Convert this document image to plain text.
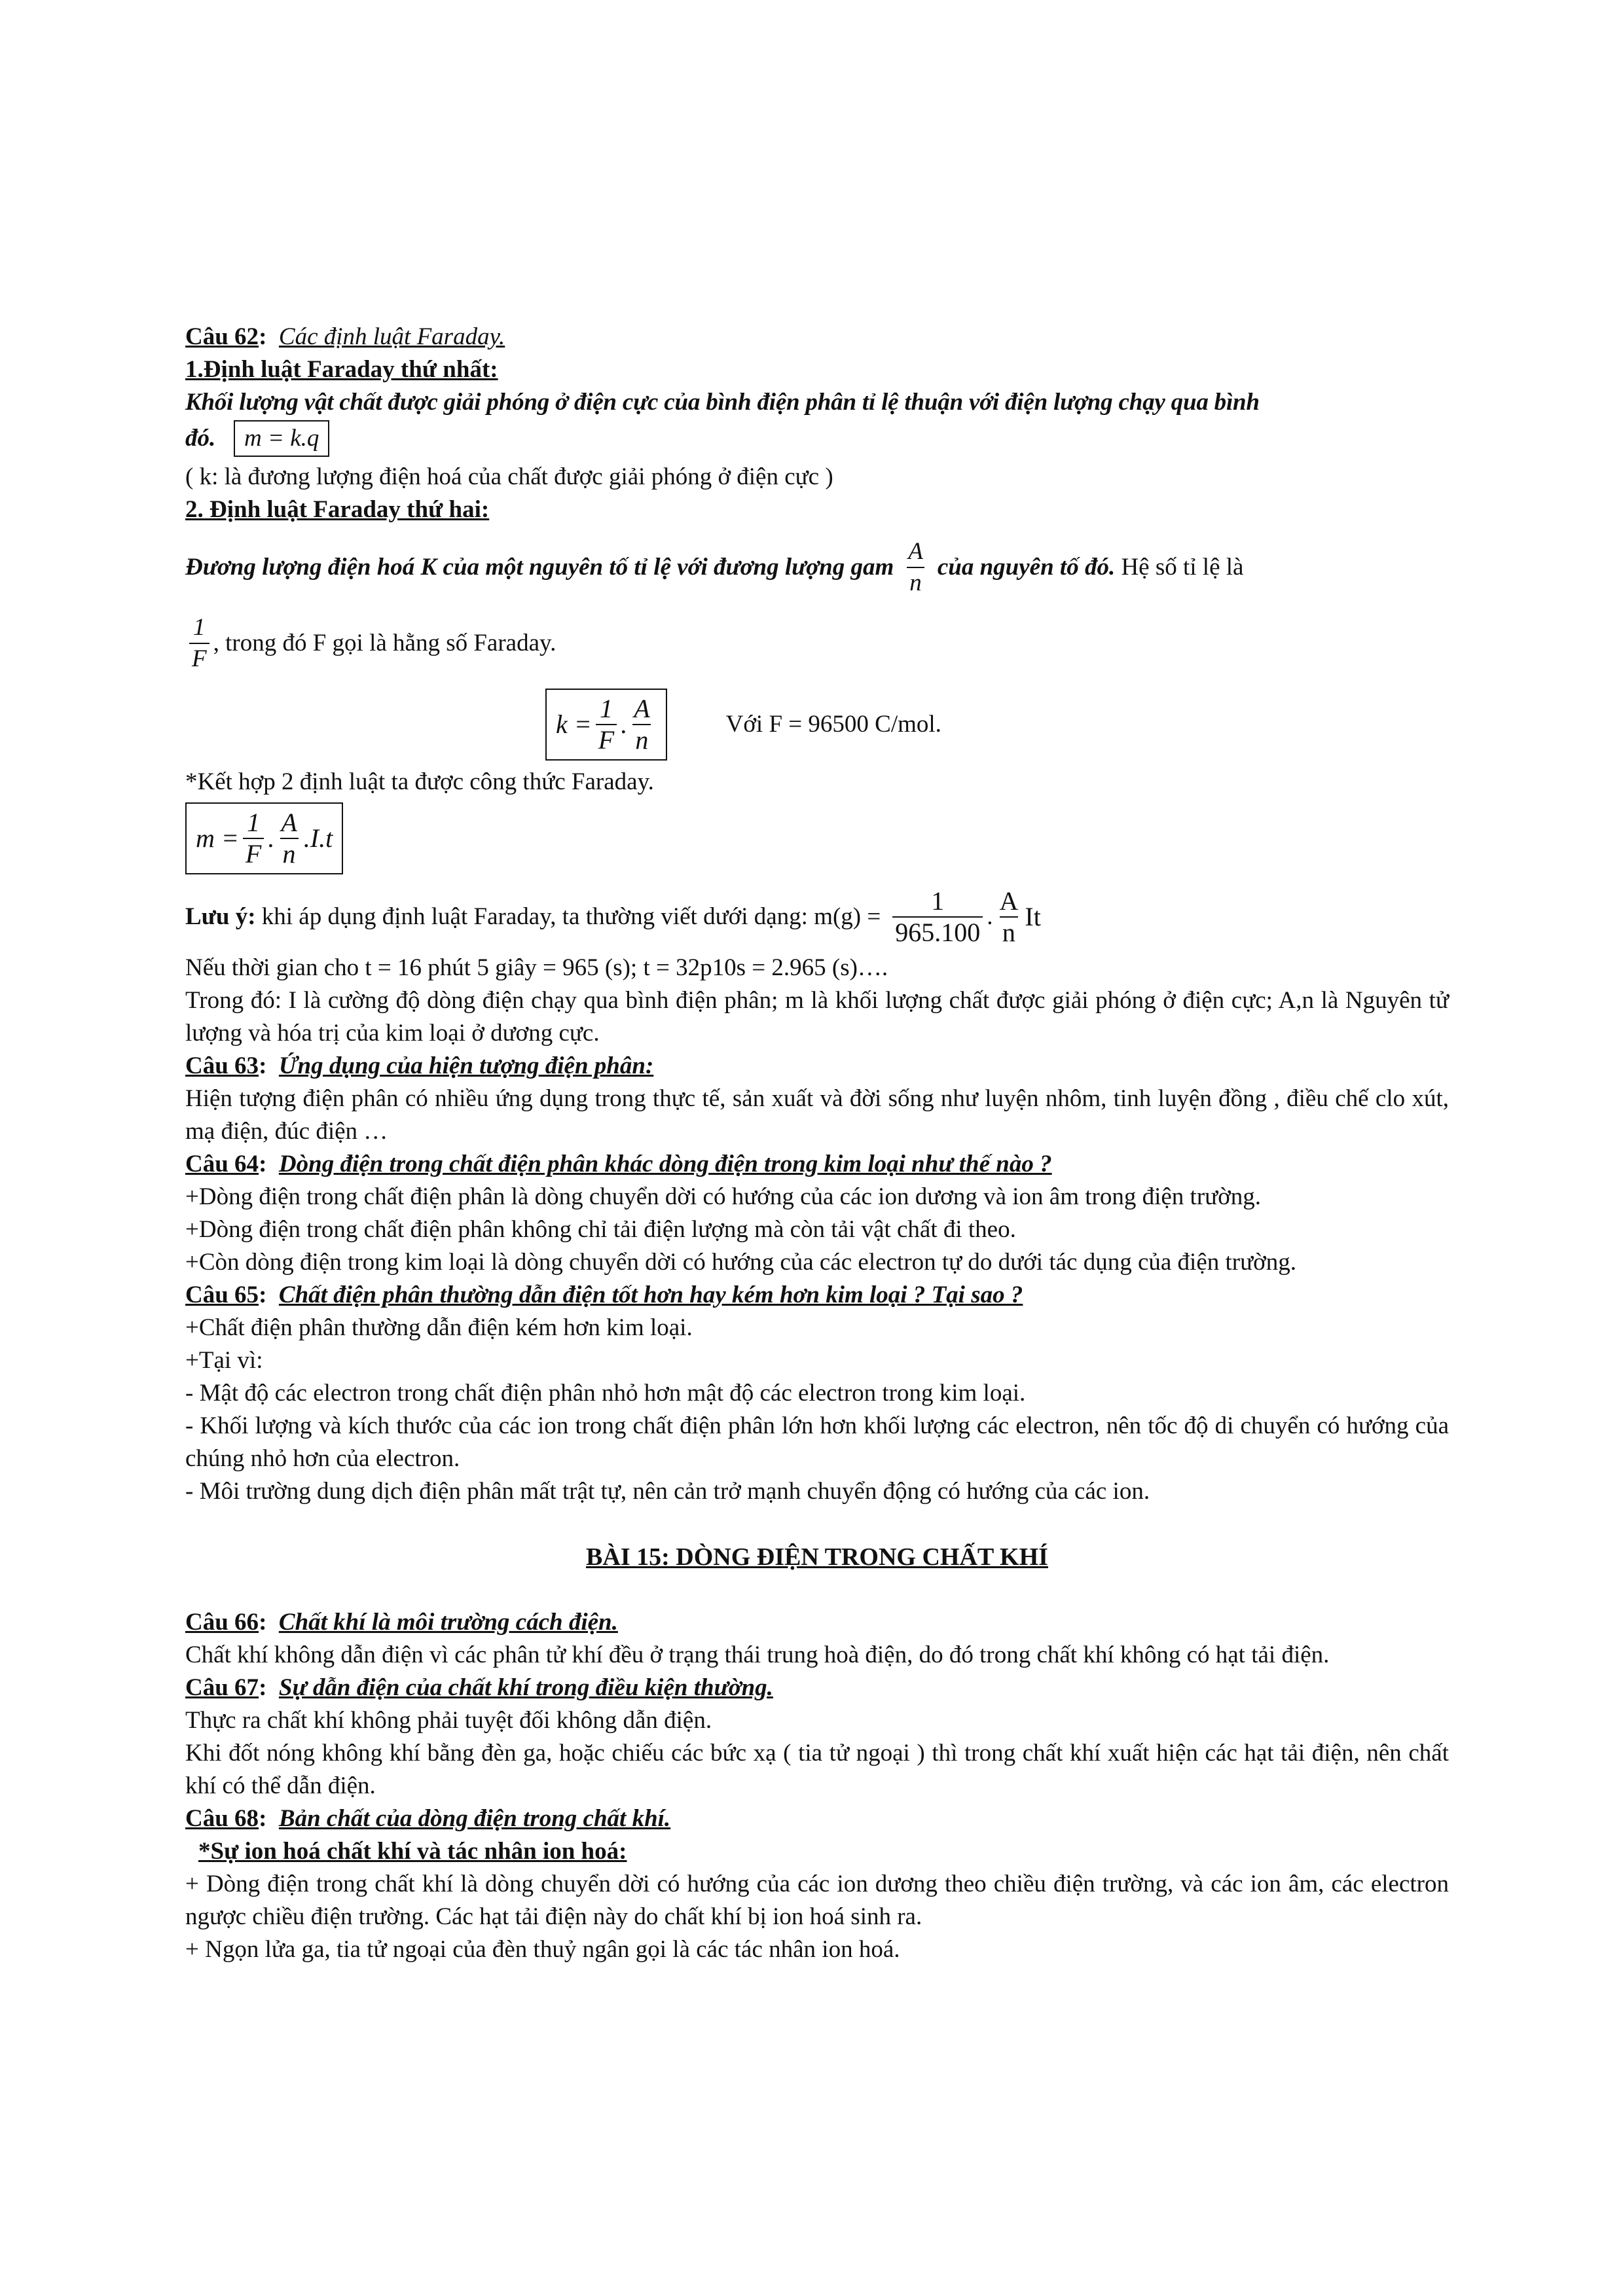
Câu 62: Các định luật Faraday.

1.Định luật Faraday thứ nhất:

Khối lượng vật chất được giải phóng ở điện cực của bình điện phân tỉ lệ thuận với điện lượng chạy qua bình

đó. m = k.q

( k: là đương lượng điện hoá của chất được giải phóng ở điện cực )

2. Định luật Faraday thứ hai:

Đương lượng điện hoá K của một nguyên tố tỉ lệ với đương lượng gam $\frac{A}{n}$ của nguyên tố đó.
Hệ số tỉ lệ là
$\frac{1}{F}$ , trong đó F gọi là hằng số Faraday.
$k = \frac{1}{F}$ . $\frac{A}{n}$	Với F = 96500 C/mol.

*Kết hợp 2 định luật ta được công thức Faraday.

$m = \frac{1}{F}$ . $\frac{A}{n} .I.t$
Lưu ý:
khi áp dụng định luật Faraday, ta thường viết dưới dạng: $m(g) = \frac{1}{965.100}$ . $\frac{A}{n}$ It

Nếu thời gian cho t = 16 phút 5 giây = 965 (s); t = 32p10s = 2.965 (s)….

Trong đó: I là cường độ dòng điện chạy qua bình điện phân; m là khối lượng chất được giải phóng ở điện cực; A,n là Nguyên tử lượng và hóa trị của kim loại ở dương cực.

Câu 63: Ứng dụng của hiện tượng điện phân:

Hiện tượng điện phân có nhiều ứng dụng trong thực tế, sản xuất và đời sống như luyện nhôm, tinh luyện đồng , điều chế clo xút, mạ điện, đúc điện …

Câu 64: Dòng điện trong chất điện phân khác dòng điện trong kim loại như thế nào ?

+Dòng điện trong chất điện phân là dòng chuyển dời có hướng của các ion dương và ion âm trong điện trường.

+Dòng điện trong chất điện phân không chỉ tải điện lượng mà còn tải vật chất đi theo.

+Còn dòng điện trong kim loại là dòng chuyển dời có hướng của các electron tự do dưới tác dụng của điện trường.

Câu 65: Chất điện phân thường dẫn điện tốt hơn hay kém hơn kim loại ? Tại sao ?

+Chất điện phân thường dẫn điện kém hơn kim loại.

+Tại vì:

- Mật độ các electron trong chất điện phân nhỏ hơn mật độ các electron trong kim loại.

- Khối lượng và kích thước của các ion trong chất điện phân lớn hơn khối lượng các electron, nên tốc độ di chuyển có hướng của chúng nhỏ hơn của electron.

- Môi trường dung dịch điện phân mất trật tự, nên cản trở mạnh chuyển động có hướng của các ion.

BÀI 15: DÒNG ĐIỆN TRONG CHẤT KHÍ

Câu 66: Chất khí là môi trường cách điện.

Chất khí không dẫn điện vì các phân tử khí đều ở trạng thái trung hoà điện, do đó trong chất khí không có hạt tải điện.

Câu 67: Sự dẫn điện của chất khí trong điều kiện thường.

Thực ra chất khí không phải tuyệt đối không dẫn điện.

Khi đốt nóng không khí bằng đèn ga, hoặc chiếu các bức xạ ( tia tử ngoại ) thì trong chất khí xuất hiện các hạt tải điện, nên chất khí có thể dẫn điện.

Câu 68: Bản chất của dòng điện trong chất khí.

*Sự ion hoá chất khí và tác nhân ion hoá:

+ Dòng điện trong chất khí là dòng chuyển dời có hướng của các ion dương theo chiều điện trường, và các ion âm, các electron ngược chiều điện trường. Các hạt tải điện này do chất khí bị ion hoá sinh ra.

+ Ngọn lửa ga, tia tử ngoại của đèn thuỷ ngân gọi là các tác nhân ion hoá.
